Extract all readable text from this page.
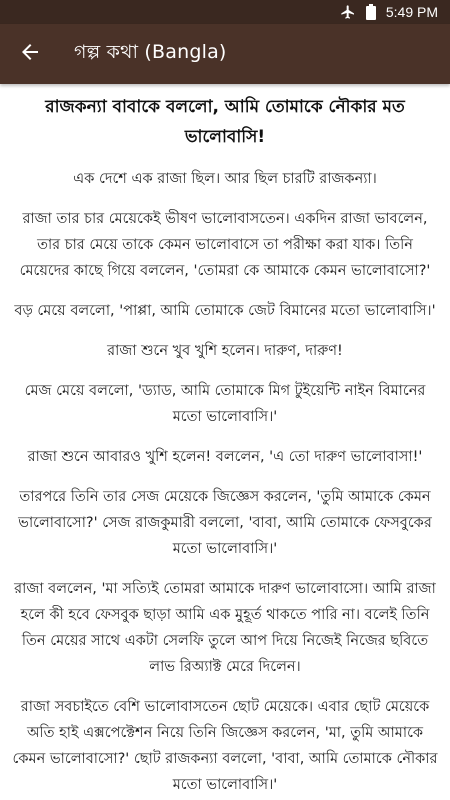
5:49 PM
গল্প কথা (Bangla)
রাজকন্যা বাবাকে বললো, আমি তোমাকে নৌকার মত ভালোবাসি!

এক দেশে এক রাজা ছিল। আর ছিল চারটি রাজকন্যা।

রাজা তার চার মেয়েকেই ভীষণ ভালোবাসতেন। একদিন রাজা ভাবলেন, তার চার মেয়ে তাকে কেমন ভালোবাসে তা পরীক্ষা করা যাক। তিনি মেয়েদের কাছে গিয়ে বললেন, 'তোমরা কে আমাকে কেমন ভালোবাসো?'

বড় মেয়ে বললো, 'পাপ্পা, আমি তোমাকে জেট বিমানের মতো ভালোবাসি।'

রাজা শুনে খুব খুশি হলেন। দারুণ, দারুণ!

মেজ মেয়ে বললো, 'ড্যাড, আমি তোমাকে মিগ টুইয়েন্টি নাইন বিমানের মতো ভালোবাসি।'

রাজা শুনে আবারও খুশি হলেন! বললেন, 'এ তো দারুণ ভালোবাসা!'

তারপরে তিনি তার সেজ মেয়েকে জিজ্ঞেস করলেন, 'তুমি আমাকে কেমন ভালোবাসো?' সেজ রাজকুমারী বললো, 'বাবা, আমি তোমাকে ফেসবুকের মতো ভালোবাসি।'

রাজা বললেন, 'মা সত্যিই তোমরা আমাকে দারুণ ভালোবাসো। আমি রাজা হলে কী হবে ফেসবুক ছাড়া আমি এক মুহূর্ত থাকতে পারি না। বলেই তিনি তিন মেয়ের সাথে একটা সেলফি তুলে আপ দিয়ে নিজেই নিজের ছবিতে লাভ রিঅ্যাক্ট মেরে দিলেন।

রাজা সবচাইতে বেশি ভালোবাসতেন ছোট মেয়েকে। এবার ছোট মেয়েকে অতি হাই এক্সপেক্টেশন নিয়ে তিনি জিজ্ঞেস করলেন, 'মা, তুমি আমাকে কেমন ভালোবাসো?' ছোট রাজকন্যা বললো, 'বাবা, আমি তোমাকে নৌকার মতো ভালোবাসি।'
